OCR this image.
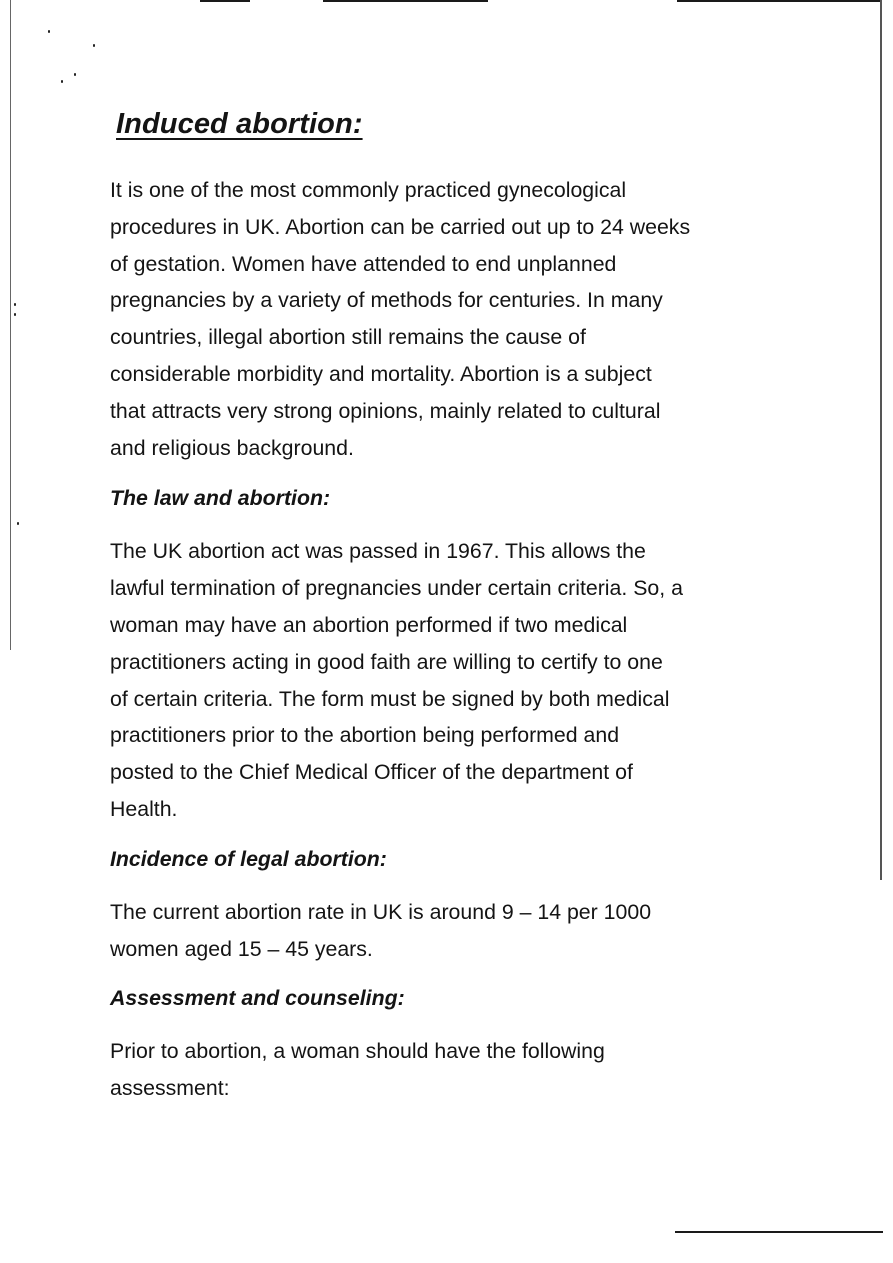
Induced abortion:

It is one of the most commonly practiced gynecological
procedures in UK. Abortion can be carried out up to 24 weeks
of gestation. Women have attended to end unplanned
pregnancies by a variety of methods for centuries. In many
countries, illegal abortion still remains the cause of
considerable morbidity and mortality. Abortion is a subject
that attracts very strong opinions, mainly related to cultural
and religious background.

The law and abortion:

The UK abortion act was passed in 1967. This allows the
lawful termination of pregnancies under certain criteria. So, a
woman may have an abortion performed if two medical
practitioners acting in good faith are willing to certify to one
of certain criteria. The form must be signed by both medical
practitioners prior to the abortion being performed and
posted to the Chief Medical Officer of the department of
Health.

Incidence of legal abortion:

The current abortion rate in UK is around 9 – 14 per 1000
women aged 15 – 45 years.

Assessment and counseling:

Prior to abortion, a woman should have the following
assessment:
